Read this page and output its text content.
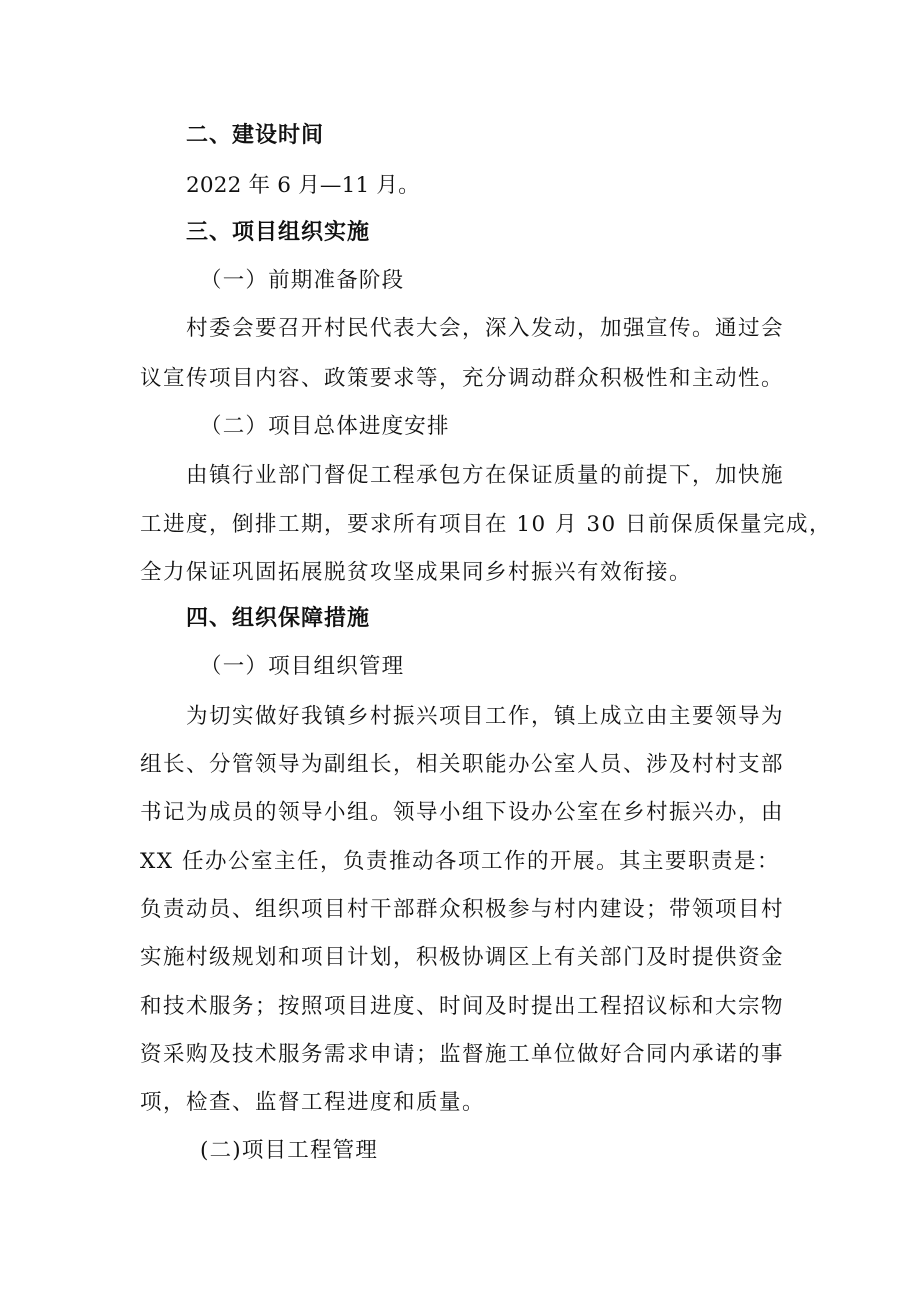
二、建设时间
2022 年 6 月—11 月。
三、项目组织实施
（一）前期准备阶段
村委会要召开村民代表大会，深入发动，加强宣传。通过会
议宣传项目内容、政策要求等，充分调动群众积极性和主动性。
（二）项目总体进度安排
由镇行业部门督促工程承包方在保证质量的前提下，加快施
工进度，倒排工期，要求所有项目在 10 月 30 日前保质保量完成，
全力保证巩固拓展脱贫攻坚成果同乡村振兴有效衔接。
四、组织保障措施
（一）项目组织管理
为切实做好我镇乡村振兴项目工作，镇上成立由主要领导为
组长、分管领导为副组长，相关职能办公室人员、涉及村村支部
书记为成员的领导小组。领导小组下设办公室在乡村振兴办，由
XX 任办公室主任，负责推动各项工作的开展。其主要职责是：
负责动员、组织项目村干部群众积极参与村内建设；带领项目村
实施村级规划和项目计划，积极协调区上有关部门及时提供资金
和技术服务；按照项目进度、时间及时提出工程招议标和大宗物
资采购及技术服务需求申请；监督施工单位做好合同内承诺的事
项，检查、监督工程进度和质量。
(二)项目工程管理
